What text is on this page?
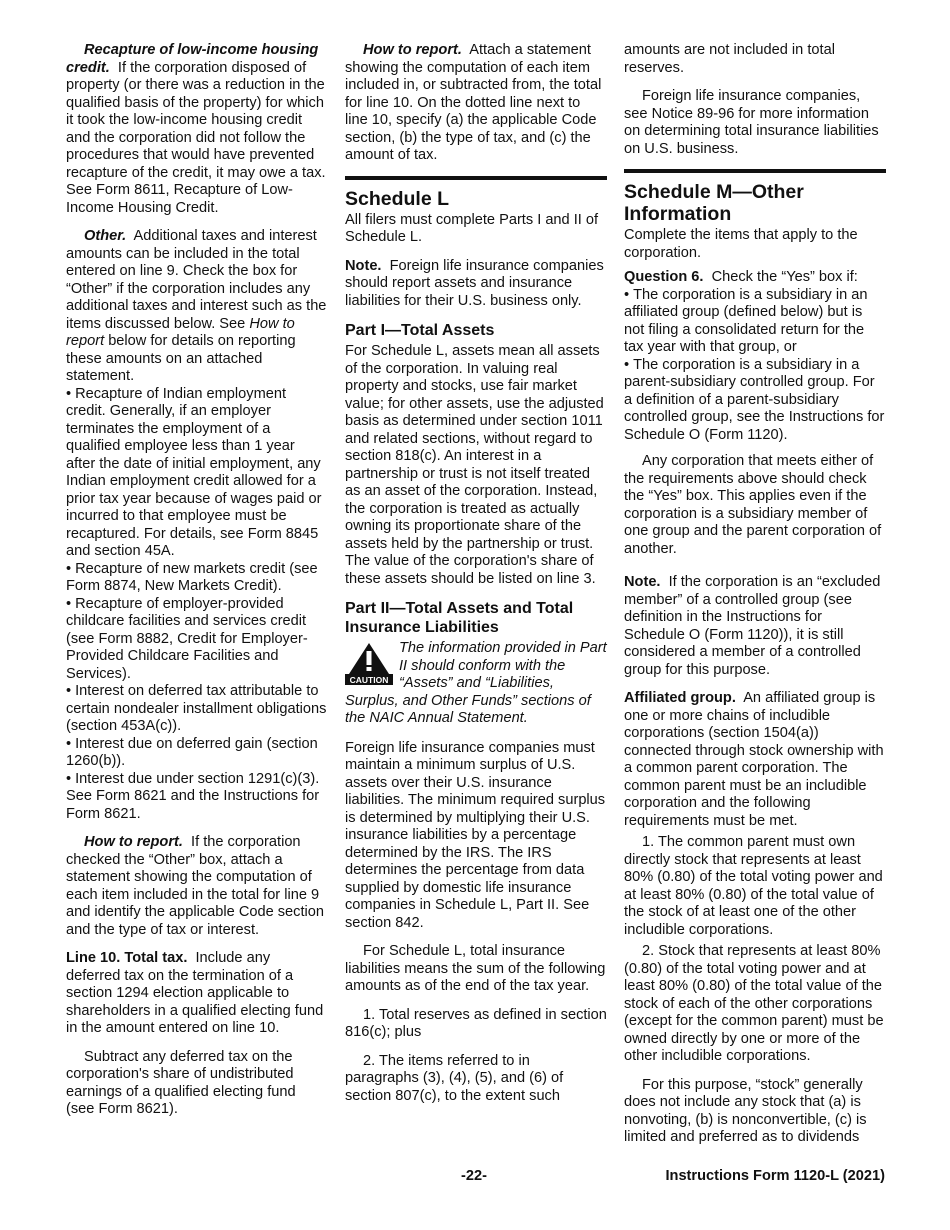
Recapture of low-income housing credit. If the corporation disposed of property (or there was a reduction in the qualified basis of the property) for which it took the low-income housing credit and the corporation did not follow the procedures that would have prevented recapture of the credit, it may owe a tax. See Form 8611, Recapture of Low-Income Housing Credit.

Other. Additional taxes and interest amounts can be included in the total entered on line 9. Check the box for “Other” if the corporation includes any additional taxes and interest such as the items discussed below. See How to report below for details on reporting these amounts on an attached statement.

• Recapture of Indian employment credit. Generally, if an employer terminates the employment of a qualified employee less than 1 year after the date of initial employment, any Indian employment credit allowed for a prior tax year because of wages paid or incurred to that employee must be recaptured. For details, see Form 8845 and section 45A.

• Recapture of new markets credit (see Form 8874, New Markets Credit).

• Recapture of employer-provided childcare facilities and services credit (see Form 8882, Credit for Employer-Provided Childcare Facilities and Services).

• Interest on deferred tax attributable to certain nondealer installment obligations (section 453A(c)).

• Interest due on deferred gain (section 1260(b)).

• Interest due under section 1291(c)(3). See Form 8621 and the Instructions for Form 8621.

How to report. If the corporation checked the “Other” box, attach a statement showing the computation of each item included in the total for line 9 and identify the applicable Code section and the type of tax or interest.

Line 10. Total tax. Include any deferred tax on the termination of a section 1294 election applicable to shareholders in a qualified electing fund in the amount entered on line 10.

Subtract any deferred tax on the corporation's share of undistributed earnings of a qualified electing fund (see Form 8621).

How to report. Attach a statement showing the computation of each item included in, or subtracted from, the total for line 10. On the dotted line next to line 10, specify (a) the applicable Code section, (b) the type of tax, and (c) the amount of tax.

Schedule L

All filers must complete Parts I and II of Schedule L.

Note. Foreign life insurance companies should report assets and insurance liabilities for their U.S. business only.

Part I—Total Assets

For Schedule L, assets mean all assets of the corporation. In valuing real property and stocks, use fair market value; for other assets, use the adjusted basis as determined under section 1011 and related sections, without regard to section 818(c). An interest in a partnership or trust is not itself treated as an asset of the corporation. Instead, the corporation is treated as actually owning its proportionate share of the assets held by the partnership or trust. The value of the corporation's share of these assets should be listed on line 3.

Part II—Total Assets and Total Insurance Liabilities
CAUTION
The information provided in Part II should conform with the “Assets” and “Liabilities, Surplus, and Other Funds” sections of the NAIC Annual Statement.

Foreign life insurance companies must maintain a minimum surplus of U.S. assets over their U.S. insurance liabilities. The minimum required surplus is determined by multiplying their U.S. insurance liabilities by a percentage determined by the IRS. The IRS determines the percentage from data supplied by domestic life insurance companies in Schedule L, Part II. See section 842.

For Schedule L, total insurance liabilities means the sum of the following amounts as of the end of the tax year.

1. Total reserves as defined in section 816(c); plus

2. The items referred to in paragraphs (3), (4), (5), and (6) of section 807(c), to the extent such

amounts are not included in total reserves.

Foreign life insurance companies, see Notice 89-96 for more information on determining total insurance liabilities on U.S. business.

Schedule M—Other Information

Complete the items that apply to the corporation.

Question 6. Check the “Yes” box if:

• The corporation is a subsidiary in an affiliated group (defined below) but is not filing a consolidated return for the tax year with that group, or

• The corporation is a subsidiary in a parent-subsidiary controlled group. For a definition of a parent-subsidiary controlled group, see the Instructions for Schedule O (Form 1120).

Any corporation that meets either of the requirements above should check the “Yes” box. This applies even if the corporation is a subsidiary member of one group and the parent corporation of another.

Note. If the corporation is an “excluded member” of a controlled group (see definition in the Instructions for Schedule O (Form 1120)), it is still considered a member of a controlled group for this purpose.

Affiliated group. An affiliated group is one or more chains of includible corporations (section 1504(a)) connected through stock ownership with a common parent corporation. The common parent must be an includible corporation and the following requirements must be met.

1. The common parent must own directly stock that represents at least 80% (0.80) of the total voting power and at least 80% (0.80) of the total value of the stock of at least one of the other includible corporations.

2. Stock that represents at least 80% (0.80) of the total voting power and at least 80% (0.80) of the total value of the stock of each of the other corporations (except for the common parent) must be owned directly by one or more of the other includible corporations.

For this purpose, “stock” generally does not include any stock that (a) is nonvoting, (b) is nonconvertible, (c) is limited and preferred as to dividends

-22-	Instructions Form 1120-L (2021)
